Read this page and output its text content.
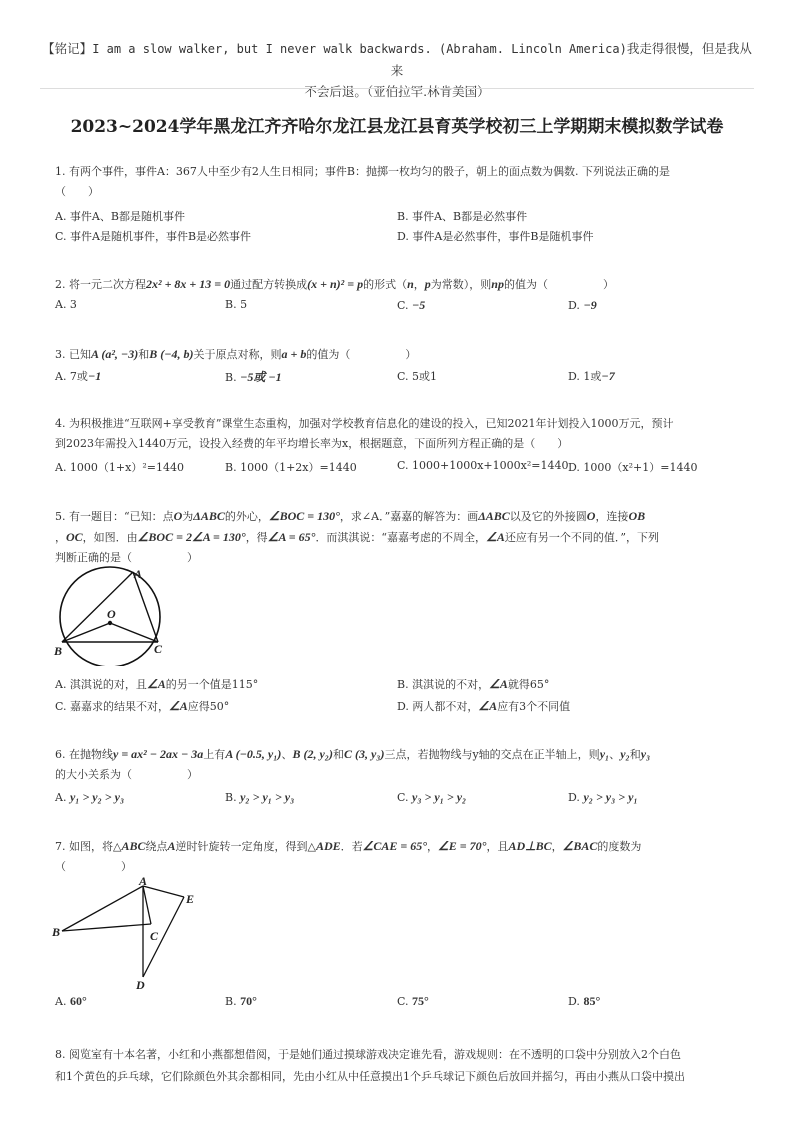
【铭记】I am a slow walker, but I never walk backwards. (Abraham. Lincoln America)我走得很慢，但是我从来
不会后退。（亚伯拉罕.林肯美国）
2023~2024学年黑龙江齐齐哈尔龙江县龙江县育英学校初三上学期期末模拟数学试卷
1. 有两个事件，事件A：367人中至少有2人生日相同；事件B：抛掷一枚均匀的骰子，朝上的面点数为偶数. 下列说法正确的是
（　　）
A. 事件A、B都是随机事件	B. 事件A、B都是必然事件
C. 事件A是随机事件，事件B是必然事件	D. 事件A是必然事件，事件B是随机事件
2. 将一元二次方程2x² + 8x + 13 = 0通过配方转换成(x + n)² = p的形式（n，p为常数），则np的值为（　　　　　）
A. 3	B. 5	C. −5	D. −9
3. 已知A (a², −3)和B (−4, b)关于原点对称，则a + b的值为（　　　　　）
A. 7或−1	B. −5或 −1	C. 5或1	D. 1或−7
4. 为积极推进“互联网+享受教育”课堂生态重构，加强对学校教育信息化的建设的投入，已知2021年计划投入1000万元，预计
到2023年需投入1440万元，设投入经费的年平均增长率为x，根据题意，下面所列方程正确的是（　　）
A. 1000（1+x）²=1440	B. 1000（1+2x）=1440	C. 1000+1000x+1000x²=1440 D. 1000（x²+1）=1440
5. 有一题目：“已知：点O为ΔABC的外心，∠BOC = 130°，求∠A．”嘉嘉的解答为：画ΔABC以及它的外接圆O，连接OB
，OC，如图．由∠BOC = 2∠A = 130°，得∠A = 65°．而淇淇说：“嘉嘉考虑的不周全，∠A还应有另一个不同的值．”，下列
判断正确的是（　　　　　）
A
O
B	C
A. 淇淇说的对，且∠A的另一个值是115°	B. 淇淇说的不对，∠A就得65°
C. 嘉嘉求的结果不对，∠A应得50°	D. 两人都不对，∠A应有3个不同值
6. 在抛物线y = ax² − 2ax − 3a上有A (−0.5, y₁)、B (2, y₂)和C (3, y₃)三点，若抛物线与y轴的交点在正半轴上，则y₁、y₂和y₃
的大小关系为（　　　　　）
A. y₁ > y₂ > y₃	B. y₂ > y₁ > y₃	C. y₃ > y₁ > y₂	D. y₂ > y₃ > y₁
7. 如图，将△ABC绕点A逆时针旋转一定角度，得到△ADE．若∠CAE = 65°，∠E = 70°，且AD⊥BC，∠BAC的度数为
（　　　　　）
A
B	C
D
E
A. 60°	B. 70°	C. 75°	D. 85°
8. 阅览室有十本名著，小红和小燕都想借阅，于是她们通过摸球游戏决定谁先看，游戏规则：在不透明的口袋中分别放入2个白色
和1个黄色的乒乓球，它们除颜色外其余都相同，先由小红从中任意摸出1个乒乓球记下颜色后放回并摇匀，再由小燕从口袋中摸出
